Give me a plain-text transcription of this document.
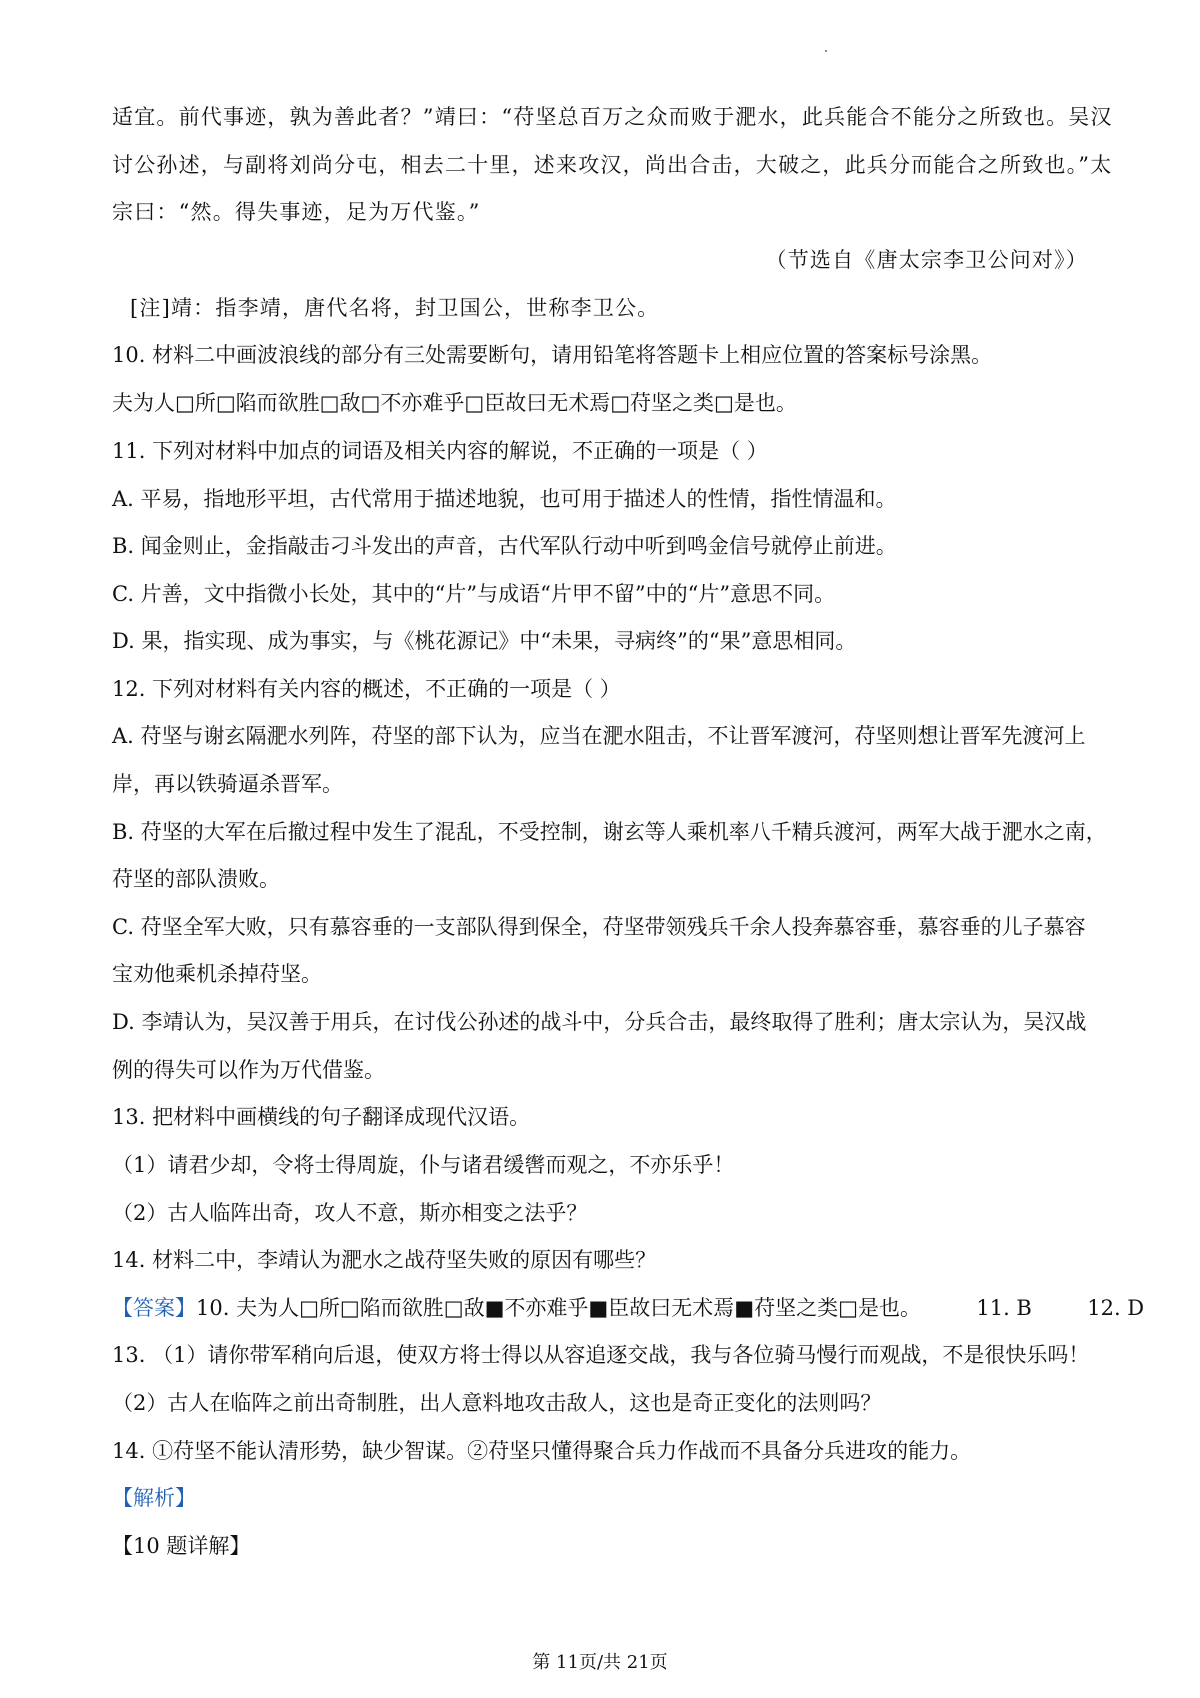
适宜。前代事迹，孰为善此者？”靖曰：“苻坚总百万之众而败于淝水，此兵能合不能分之所致也。吴汉
讨公孙述，与副将刘尚分屯，相去二十里，述来攻汉，尚出合击，大破之，此兵分而能合之所致也。”太
宗曰：“然。得失事迹，足为万代鉴。”
（节选自《唐太宗李卫公问对》）
[注]靖：指李靖，唐代名将，封卫国公，世称李卫公。
10. 材料二中画波浪线的部分有三处需要断句，请用铅笔将答题卡上相应位置的答案标号涂黑。
夫为人□所□陷而欲胜□敌□不亦难乎□臣故曰无术焉□苻坚之类□是也。
11. 下列对材料中加点的词语及相关内容的解说，不正确的一项是（ ）
A. 平易，指地形平坦，古代常用于描述地貌，也可用于描述人的性情，指性情温和。
B. 闻金则止，金指敲击刁斗发出的声音，古代军队行动中听到鸣金信号就停止前进。
C. 片善，文中指微小长处，其中的“片”与成语“片甲不留”中的“片”意思不同。
D. 果，指实现、成为事实，与《桃花源记》中“未果，寻病终”的“果”意思相同。
12. 下列对材料有关内容的概述，不正确的一项是（ ）
A. 苻坚与谢玄隔淝水列阵，苻坚的部下认为，应当在淝水阻击，不让晋军渡河，苻坚则想让晋军先渡河上
岸，再以铁骑逼杀晋军。
B. 苻坚的大军在后撤过程中发生了混乱，不受控制，谢玄等人乘机率八千精兵渡河，两军大战于淝水之南，
苻坚的部队溃败。
C. 苻坚全军大败，只有慕容垂的一支部队得到保全，苻坚带领残兵千余人投奔慕容垂，慕容垂的儿子慕容
宝劝他乘机杀掉苻坚。
D. 李靖认为，吴汉善于用兵，在讨伐公孙述的战斗中，分兵合击，最终取得了胜利；唐太宗认为，吴汉战
例的得失可以作为万代借鉴。
13. 把材料中画横线的句子翻译成现代汉语。
（1）请君少却，令将士得周旋，仆与诸君缓辔而观之，不亦乐乎！
（2）古人临阵出奇，攻人不意，斯亦相变之法乎？
14. 材料二中，李靖认为淝水之战苻坚失败的原因有哪些？
【答案】10. 夫为人□所□陷而欲胜□敌■不亦难乎■臣故曰无术焉■苻坚之类□是也。	11. B	12. D
13. （1）请你带军稍向后退，使双方将士得以从容追逐交战，我与各位骑马慢行而观战，不是很快乐吗！
（2）古人在临阵之前出奇制胜，出人意料地攻击敌人，这也是奇正变化的法则吗？
14. ①苻坚不能认清形势，缺少智谋。②苻坚只懂得聚合兵力作战而不具备分兵进攻的能力。
【解析】
【10 题详解】
第 11页/共 21页
